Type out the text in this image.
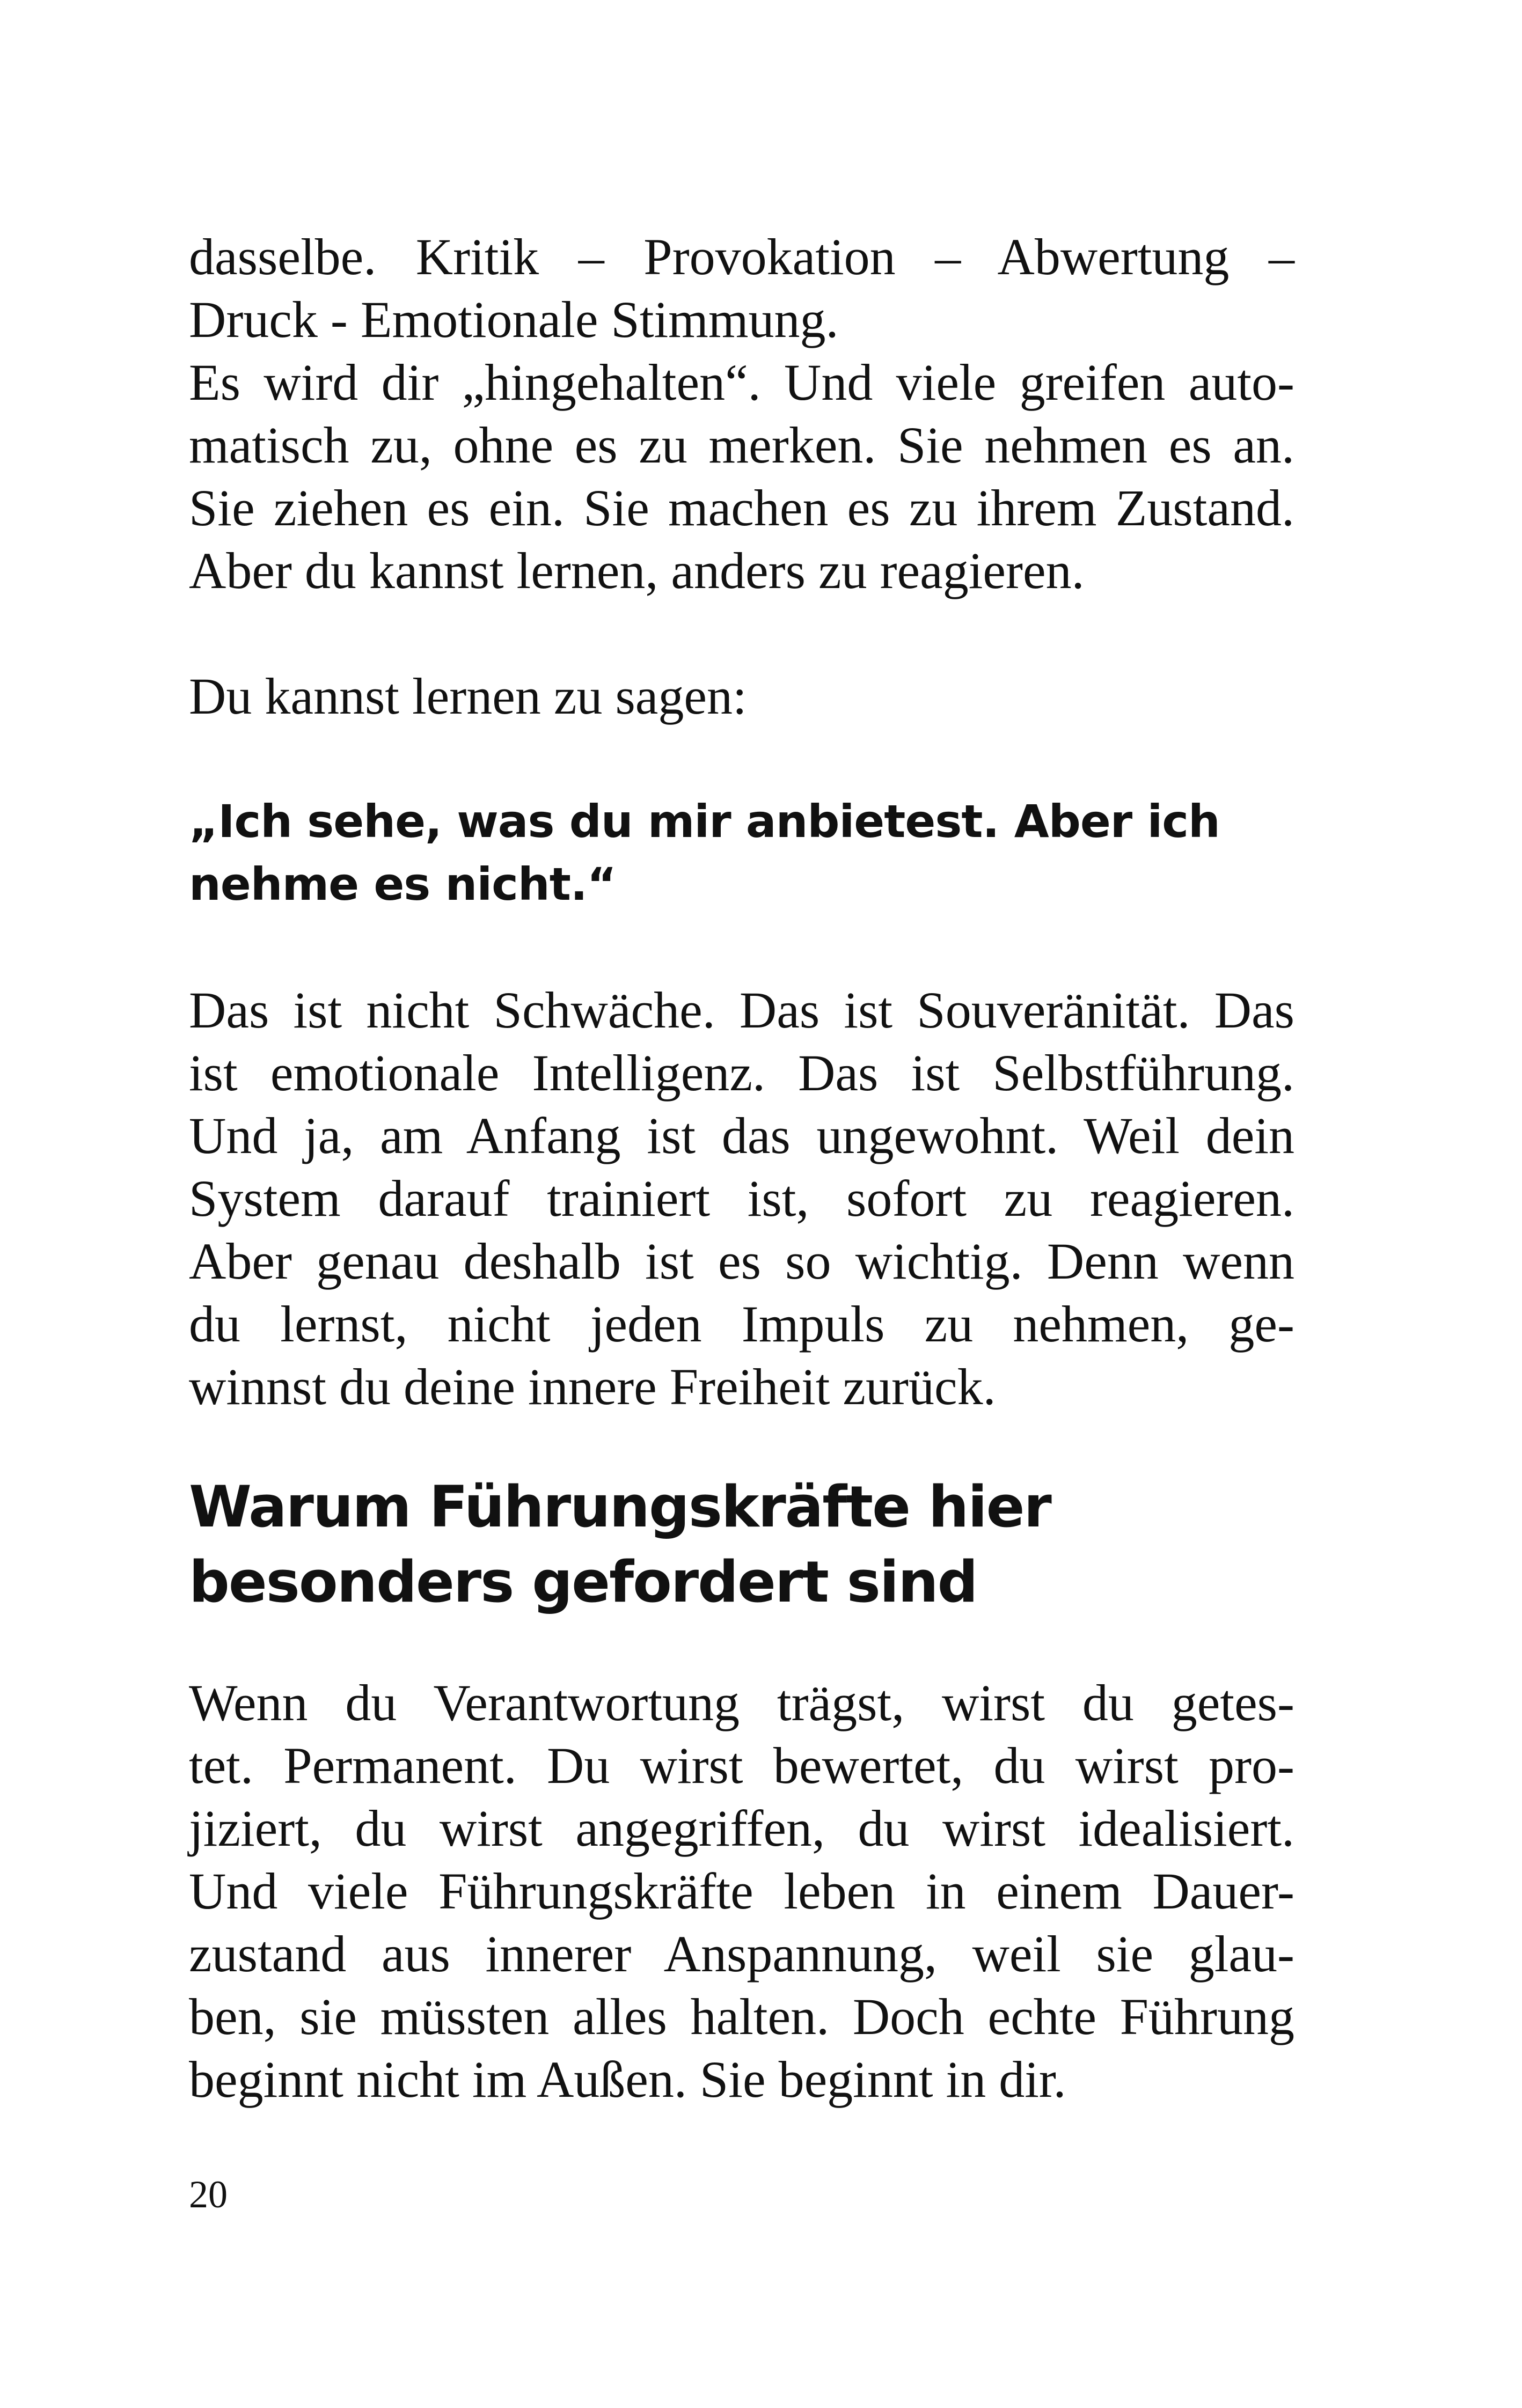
dasselbe. Kritik – Provokation – Abwertung –
Druck - Emotionale Stimmung.
Es wird dir „hingehalten“. Und viele greifen auto-
matisch zu, ohne es zu merken. Sie nehmen es an.
Sie ziehen es ein. Sie machen es zu ihrem Zustand.
Aber du kannst lernen, anders zu reagieren.
Du kannst lernen zu sagen:
„Ich sehe, was du mir anbietest. Aber ich
nehme es nicht.“
Das ist nicht Schwäche. Das ist Souveränität. Das
ist emotionale Intelligenz. Das ist Selbstführung.
Und ja, am Anfang ist das ungewohnt. Weil dein
System darauf trainiert ist, sofort zu reagieren.
Aber genau deshalb ist es so wichtig. Denn wenn
du lernst, nicht jeden Impuls zu nehmen, ge-
winnst du deine innere Freiheit zurück.
Warum Führungskräfte hier
besonders gefordert sind
Wenn du Verantwortung trägst, wirst du getes-
tet. Permanent. Du wirst bewertet, du wirst pro-
jiziert, du wirst angegriffen, du wirst idealisiert.
Und viele Führungskräfte leben in einem Dauer-
zustand aus innerer Anspannung, weil sie glau-
ben, sie müssten alles halten. Doch echte Führung
beginnt nicht im Außen. Sie beginnt in dir.
20
